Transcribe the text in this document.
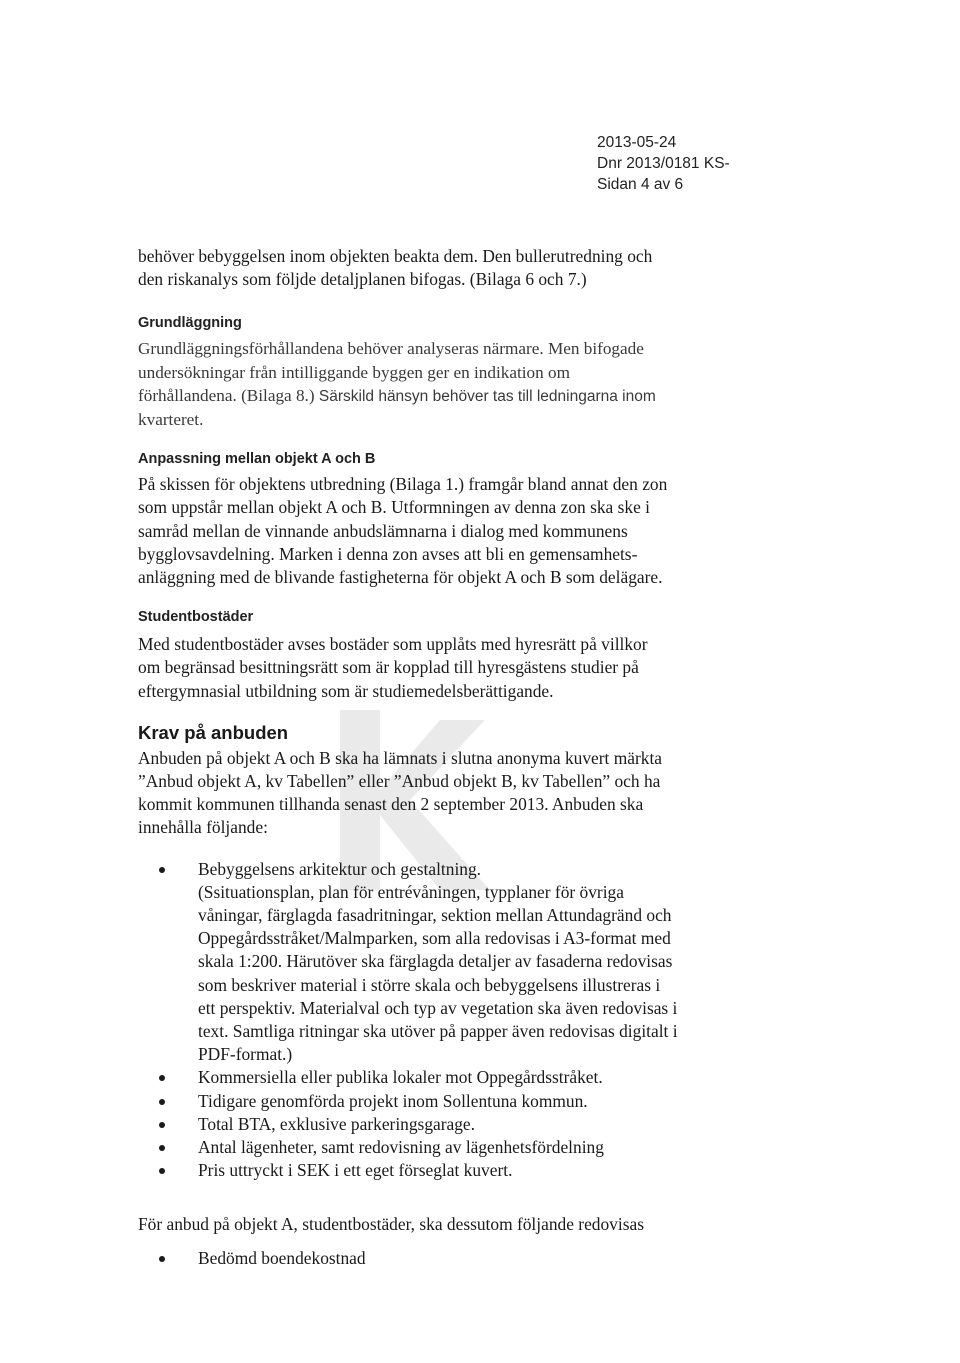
2013-05-24
Dnr 2013/0181 KS-
Sidan 4 av 6

behöver bebyggelsen inom objekten beakta dem. Den bullerutredning och
den riskanalys som följde detaljplanen bifogas. (Bilaga 6 och 7.)

Grundläggning

Grundläggningsförhållandena behöver analyseras närmare. Men bifogade
undersökningar från intilliggande byggen ger en indikation om
förhållandena. (Bilaga 8.) Särskild hänsyn behöver tas till ledningarna inom
kvarteret.

Anpassning mellan objekt A och B

På skissen för objektens utbredning (Bilaga 1.) framgår bland annat den zon
som uppstår mellan objekt A och B. Utformningen av denna zon ska ske i
samråd mellan de vinnande anbudslämnarna i dialog med kommunens
bygglovsavdelning. Marken i denna zon avses att bli en gemensamhets-
anläggning med de blivande fastigheterna för objekt A och B som delägare.

Studentbostäder

Med studentbostäder avses bostäder som upplåts med hyresrätt på villkor
om begränsad besittningsrätt som är kopplad till hyresgästens studier på
eftergymnasial utbildning som är studiemedelsberättigande.

Krav på anbuden

Anbuden på objekt A och B ska ha lämnats i slutna anonyma kuvert märkta
”Anbud objekt A, kv Tabellen” eller ”Anbud objekt B, kv Tabellen” och ha
kommit kommunen tillhanda senast den 2 september 2013. Anbuden ska
innehålla följande:

Bebyggelsens arkitektur och gestaltning.
(Ssituationsplan, plan för entrévåningen, typplaner för övriga
våningar, färglagda fasadritningar, sektion mellan Attundagränd och
Oppegårdsstråket/Malmparken, som alla redovisas i A3-format med
skala 1:200. Härutöver ska färglagda detaljer av fasaderna redovisas
som beskriver material i större skala och bebyggelsens illustreras i
ett perspektiv. Materialval och typ av vegetation ska även redovisas i
text. Samtliga ritningar ska utöver på papper även redovisas digitalt i
PDF-format.)
Kommersiella eller publika lokaler mot Oppegårdsstråket.
Tidigare genomförda projekt inom Sollentuna kommun.
Total BTA, exklusive parkeringsgarage.
Antal lägenheter, samt redovisning av lägenhetsfördelning
Pris uttryckt i SEK i ett eget förseglat kuvert.

För anbud på objekt A, studentbostäder, ska dessutom följande redovisas

Bedömd boendekostnad
